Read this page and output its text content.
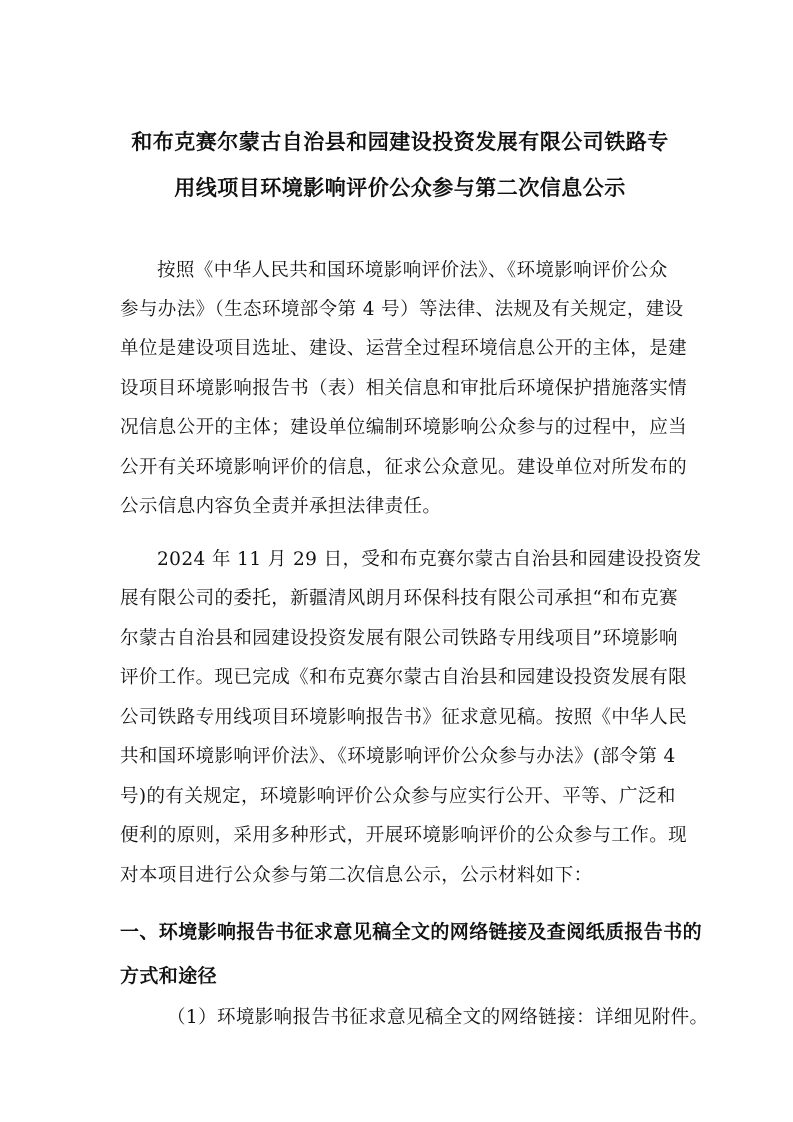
和布克赛尔蒙古自治县和园建设投资发展有限公司铁路专
用线项目环境影响评价公众参与第二次信息公示
按照《中华人民共和国环境影响评价法》、《环境影响评价公众
参与办法》（生态环境部令第 4 号）等法律、法规及有关规定，建设
单位是建设项目选址、建设、运营全过程环境信息公开的主体，是建
设项目环境影响报告书（表）相关信息和审批后环境保护措施落实情
况信息公开的主体；建设单位编制环境影响公众参与的过程中，应当
公开有关环境影响评价的信息，征求公众意见。建设单位对所发布的
公示信息内容负全责并承担法律责任。
2024 年 11 月 29 日，受和布克赛尔蒙古自治县和园建设投资发
展有限公司的委托，新疆清风朗月环保科技有限公司承担“和布克赛
尔蒙古自治县和园建设投资发展有限公司铁路专用线项目”环境影响
评价工作。现已完成《和布克赛尔蒙古自治县和园建设投资发展有限
公司铁路专用线项目环境影响报告书》征求意见稿。按照《中华人民
共和国环境影响评价法》、《环境影响评价公众参与办法》(部令第 4
号)的有关规定，环境影响评价公众参与应实行公开、平等、广泛和
便利的原则，采用多种形式，开展环境影响评价的公众参与工作。现
对本项目进行公众参与第二次信息公示，公示材料如下：
一、环境影响报告书征求意见稿全文的网络链接及查阅纸质报告书的
方式和途径
（1）环境影响报告书征求意见稿全文的网络链接：详细见附件。
